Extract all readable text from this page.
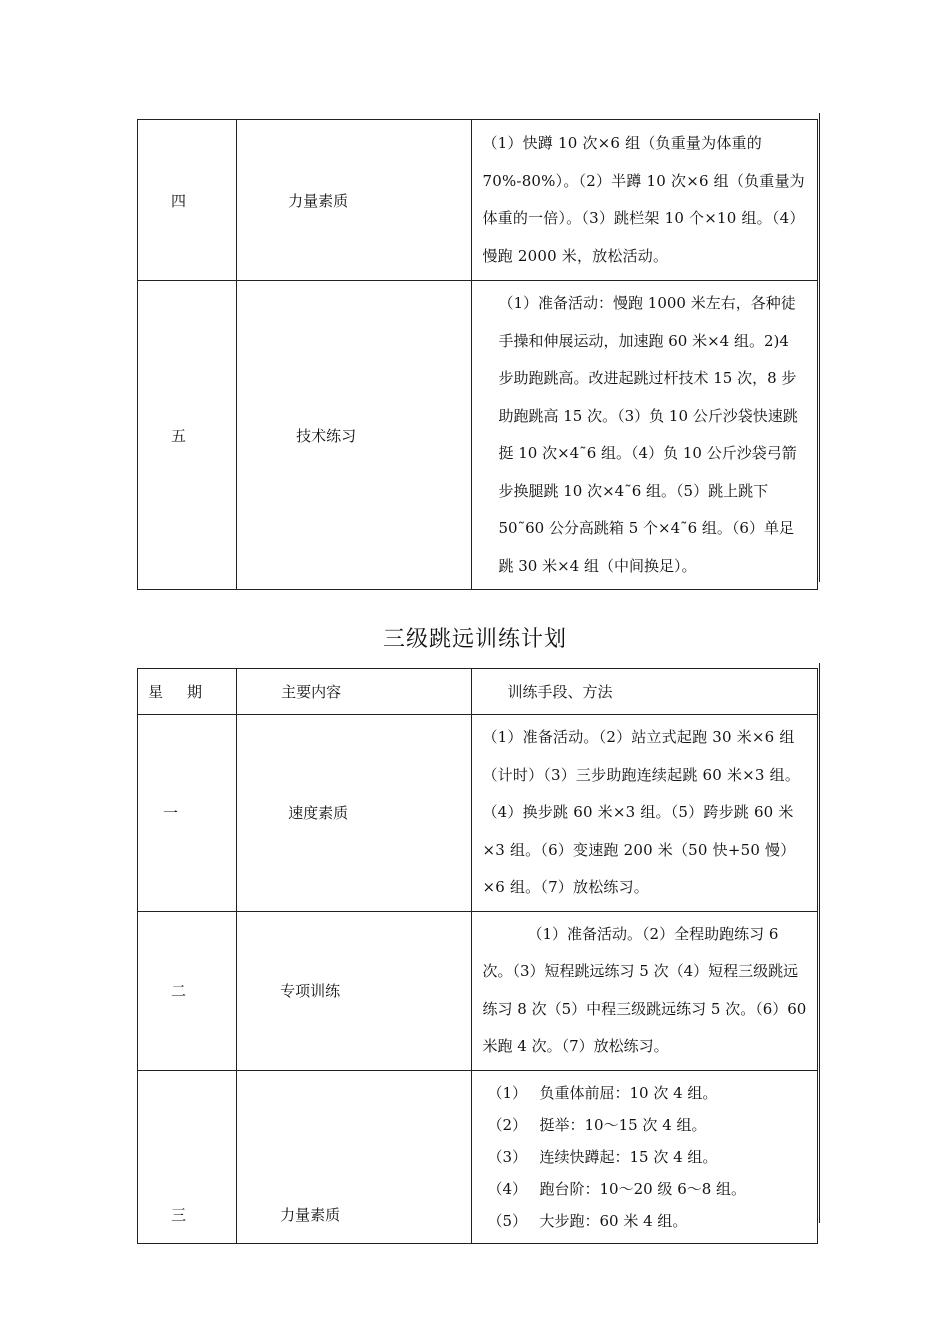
四	力量素质	（1）快蹲 10 次×6 组（负重量为体重的70%-80%）。（2）半蹲 10 次×6 组（负重量为体重的一倍）。（3）跳栏架 10 个×10 组。（4）慢跑 2000 米，放松活动。
五	技术练习	（1）准备活动：慢跑 1000 米左右，各种徒手操和伸展运动，加速跑 60 米×4 组。2)4 步助跑跳高。改进起跳过杆技术 15 次，8 步助跑跳高 15 次。（3）负 10 公斤沙袋快速跳挺 10 次×4˜6 组。（4）负 10 公斤沙袋弓箭步换腿跳 10 次×4˜6 组。（5）跳上跳下 50˜60 公分高跳箱 5 个×4˜6 组。（6）单足跳 30 米×4 组（中间换足）。
三级跳远训练计划
星 期	主要内容	训练手段、方法
一	速度素质	（1）准备活动。（2）站立式起跑 30 米×6 组（计时）（3）三步助跑连续起跳 60 米×3 组。（4）换步跳 60 米×3 组。（5）跨步跳 60 米×3 组。（6）变速跑 200 米（50 快+50 慢）×6 组。（7）放松练习。
二	专项训练	（1）准备活动。（2）全程助跑练习 6 次。（3）短程跳远练习 5 次（4）短程三级跳远练习 8 次（5）中程三级跳远练习 5 次。（6）60 米跑 4 次。（7）放松练习。
三	力量素质	（1） 负重体前屈：10 次 4 组。
（2） 挺举：10～15 次 4 组。
（3） 连续快蹲起：15 次 4 组。
（4） 跑台阶：10～20 级 6～8 组。
（5） 大步跑：60 米 4 组。
